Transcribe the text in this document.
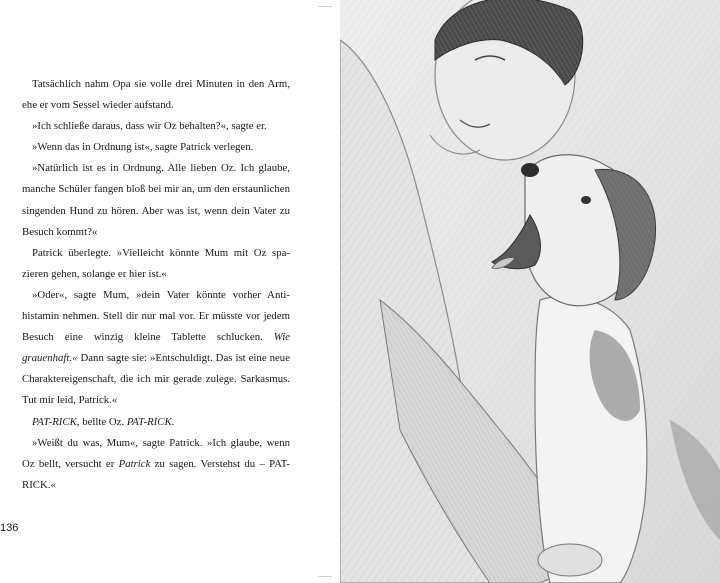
Tatsächlich nahm Opa sie volle drei Minuten in den Arm, ehe er vom Sessel wieder aufstand.

»Ich schließe daraus, dass wir Oz behalten?«, sagte er.

»Wenn das in Ordnung ist«, sagte Patrick verlegen.

»Natürlich ist es in Ordnung. Alle lieben Oz. Ich glaube, manche Schüler fangen bloß bei mir an, um den erstaunlichen singenden Hund zu hören. Aber was ist, wenn dein Vater zu Besuch kommt?«

Patrick überlegte. »Vielleicht könnte Mum mit Oz spazieren gehen, solange er hier ist.«

»Oder«, sagte Mum, »dein Vater könnte vorher Antihistamin nehmen. Stell dir nur mal vor. Er müsste vor jedem Besuch eine winzig kleine Tablette schlucken. Wie grauenhaft.« Dann sagte sie: »Entschuldigt. Das ist eine neue Charaktereigenschaft, die ich mir gerade zulege. Sarkasmus. Tut mir leid, Patrick.«

PAT-RICK, bellte Oz. PAT-RICK.

»Weißt du was, Mum«, sagte Patrick. »Ich glaube, wenn Oz bellt, versucht er Patrick zu sagen. Verstehst du – PAT-RICK.«

136
